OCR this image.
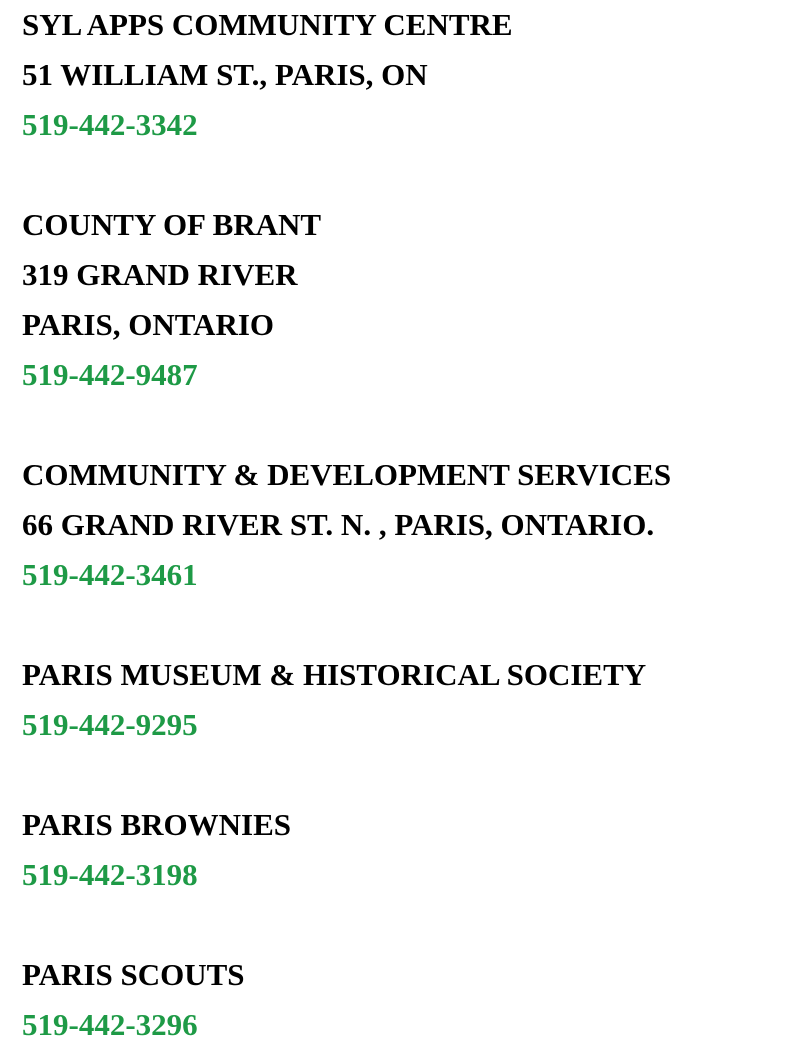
SYL APPS COMMUNITY CENTRE
51 WILLIAM ST., PARIS, ON
519-442-3342
COUNTY OF BRANT
319 GRAND RIVER
PARIS, ONTARIO
519-442-9487
COMMUNITY & DEVELOPMENT SERVICES
66 GRAND RIVER ST. N. , PARIS, ONTARIO.
519-442-3461
PARIS MUSEUM & HISTORICAL SOCIETY
519-442-9295
PARIS BROWNIES
519-442-3198
PARIS SCOUTS
519-442-3296
